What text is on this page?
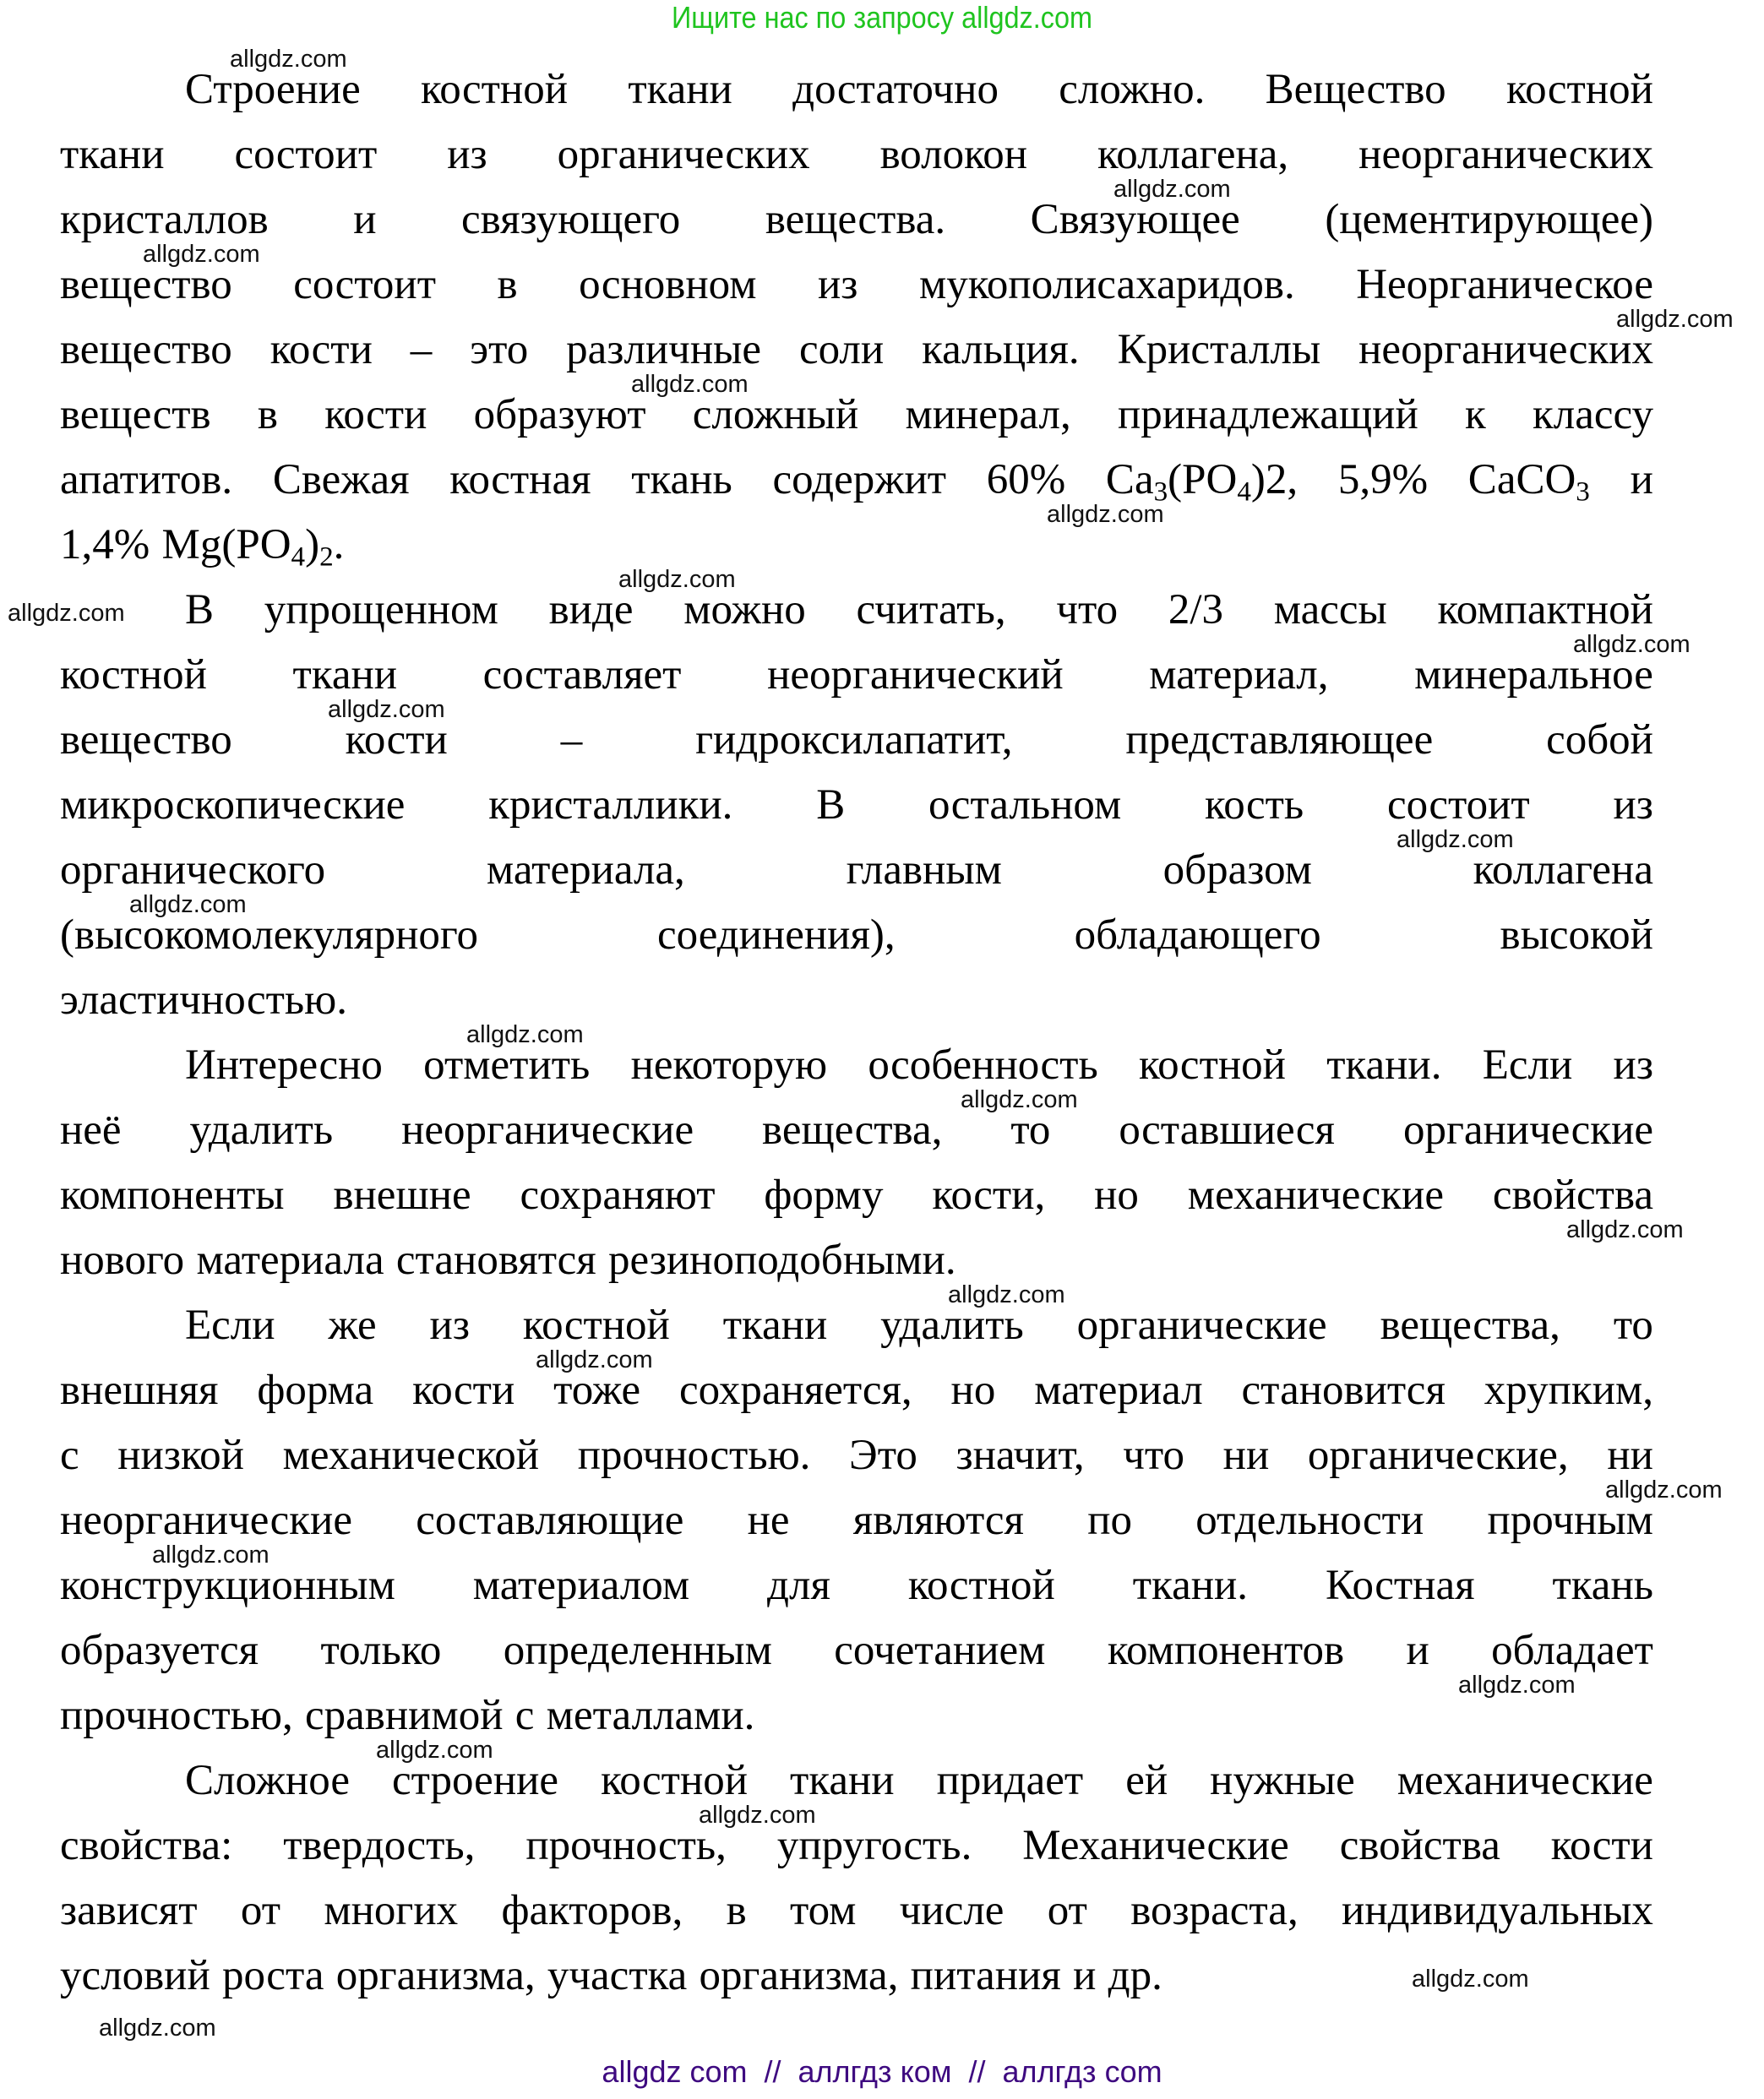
Ищите нас по запросу allgdz.com
Строение костной ткани достаточно сложно. Вещество костной
ткани состоит из органических волокон коллагена, неорганических
кристаллов и связующего вещества. Связующее (цементирующее)
вещество состоит в основном из мукополисахаридов. Неорганическое
вещество кости – это различные соли кальция. Кристаллы неорганических
веществ в кости образуют сложный минерал, принадлежащий к классу
апатитов. Свежая костная ткань содержит 60% $Ca_3(PO_4)2$, 5,9% CaCO$_3$ и
1,4% $Mg(PO_4)_2$.
В упрощенном виде можно считать, что 2/3 массы компактной
костной ткани составляет неорганический материал, минеральное
вещество	кости	–	гидроксилапатит,	представляющее	собой
микроскопические кристаллики. В остальном кость состоит из
органического	материала,	главным	образом	коллагена
(высокомолекулярного	соединения),	обладающего	высокой
эластичностью.
Интересно отметить некоторую особенность костной ткани. Если из
неё удалить неорганические вещества, то оставшиеся органические
компоненты внешне сохраняют форму кости, но механические свойства
нового материала становятся резиноподобными.
Если же из костной ткани удалить органические вещества, то
внешняя форма кости тоже сохраняется, но материал становится хрупким,
с низкой механической прочностью. Это значит, что ни органические, ни
неорганические составляющие не являются по отдельности прочным
конструкционным материалом для костной ткани. Костная ткань
образуется только определенным сочетанием компонентов и обладает
прочностью, сравнимой с металлами.
Сложное строение костной ткани придает ей нужные механические
свойства: твердость, прочность, упругость. Механические свойства кости
зависят от многих факторов, в том числе от возраста, индивидуальных
условий роста организма, участка организма, питания и др.
allgdz.com
allgdz.com
allgdz.com
allgdz.com
allgdz.com
allgdz.com
allgdz.com
allgdz.com
allgdz.com
allgdz.com
allgdz.com
allgdz.com
allgdz.com
allgdz.com
allgdz.com
allgdz.com
allgdz.com
allgdz.com
allgdz.com
allgdz.com
allgdz.com
allgdz.com
allgdz.com
allgdz.com
allgdz com  //  аллгдз ком  //  аллгдз com
